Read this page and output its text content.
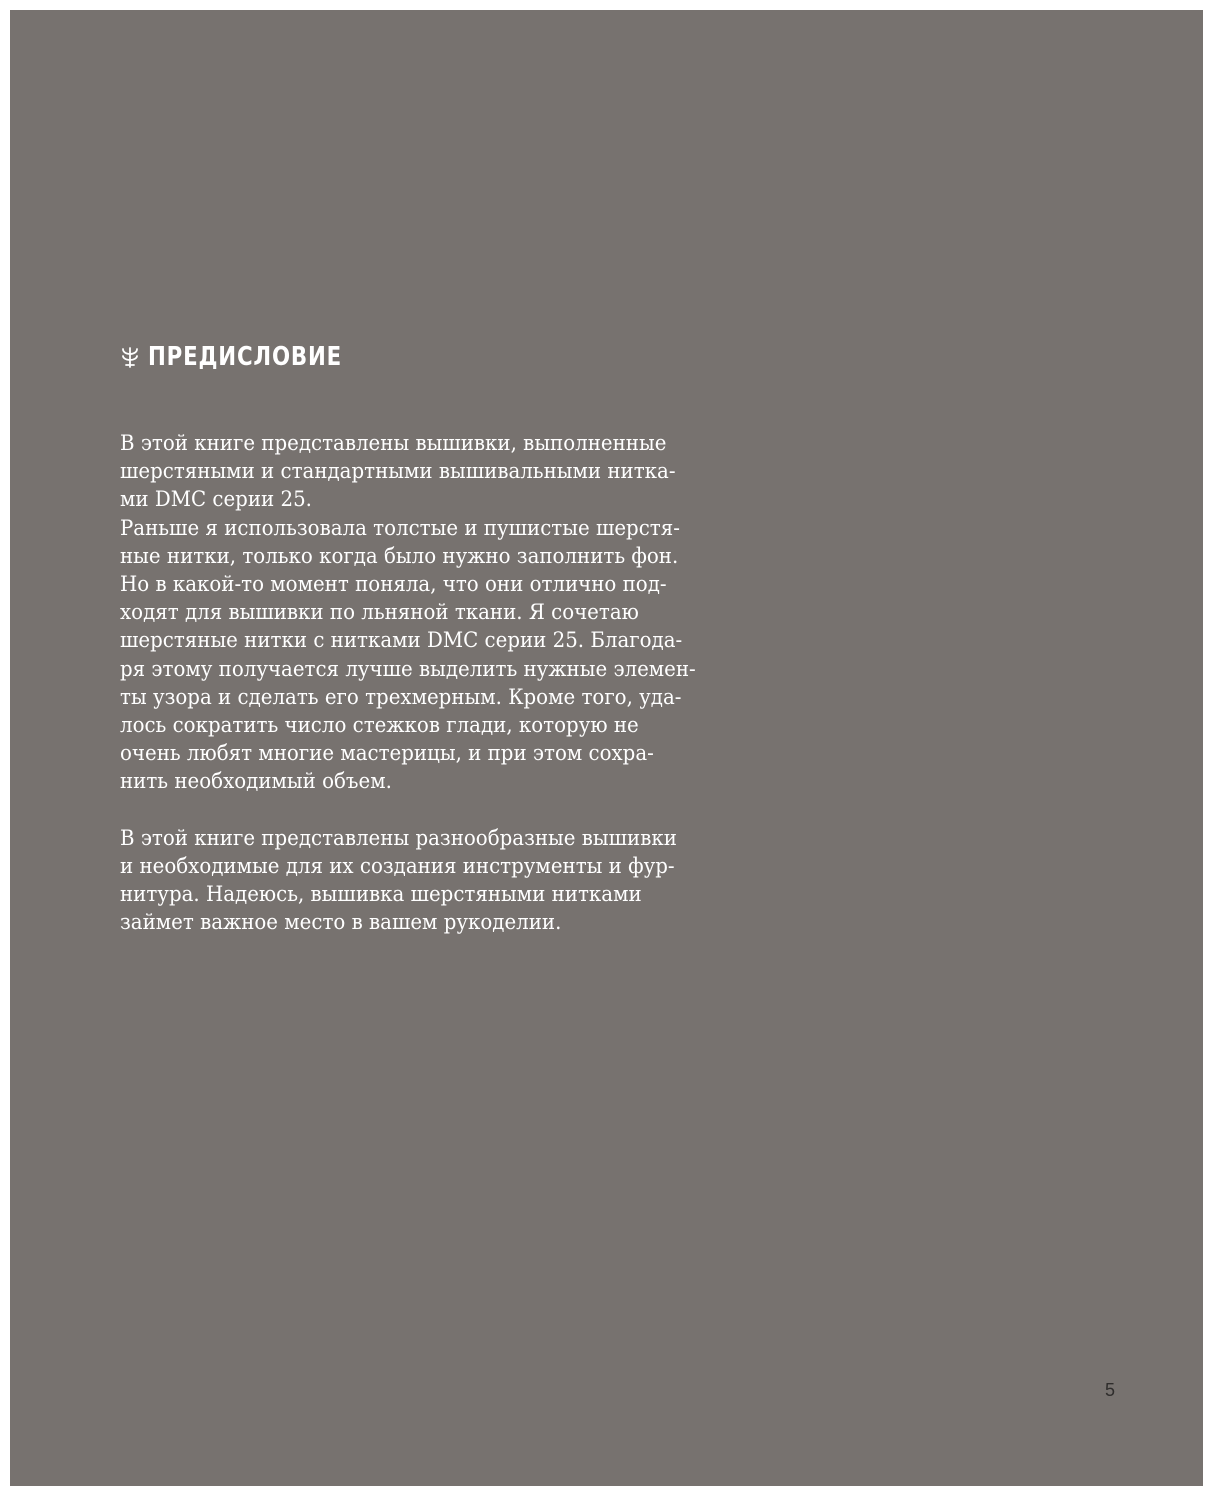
ПРЕДИСЛОВИЕ
В этой книге представлены вышивки, выполненные
шерстяными и стандартными вышивальными нитка-
ми DMC серии 25.
Раньше я использовала толстые и пушистые шерстя-
ные нитки, только когда было нужно заполнить фон.
Но в какой-то момент поняла, что они отлично под-
ходят для вышивки по льняной ткани. Я сочетаю
шерстяные нитки с нитками DMC серии 25. Благода-
ря этому получается лучше выделить нужные элемен-
ты узора и сделать его трехмерным. Кроме того, уда-
лось сократить число стежков глади, которую не
очень любят многие мастерицы, и при этом сохра-
нить необходимый объем.
В этой книге представлены разнообразные вышивки
и необходимые для их создания инструменты и фур-
нитура. Надеюсь, вышивка шерстяными нитками
займет важное место в вашем рукоделии.
5
